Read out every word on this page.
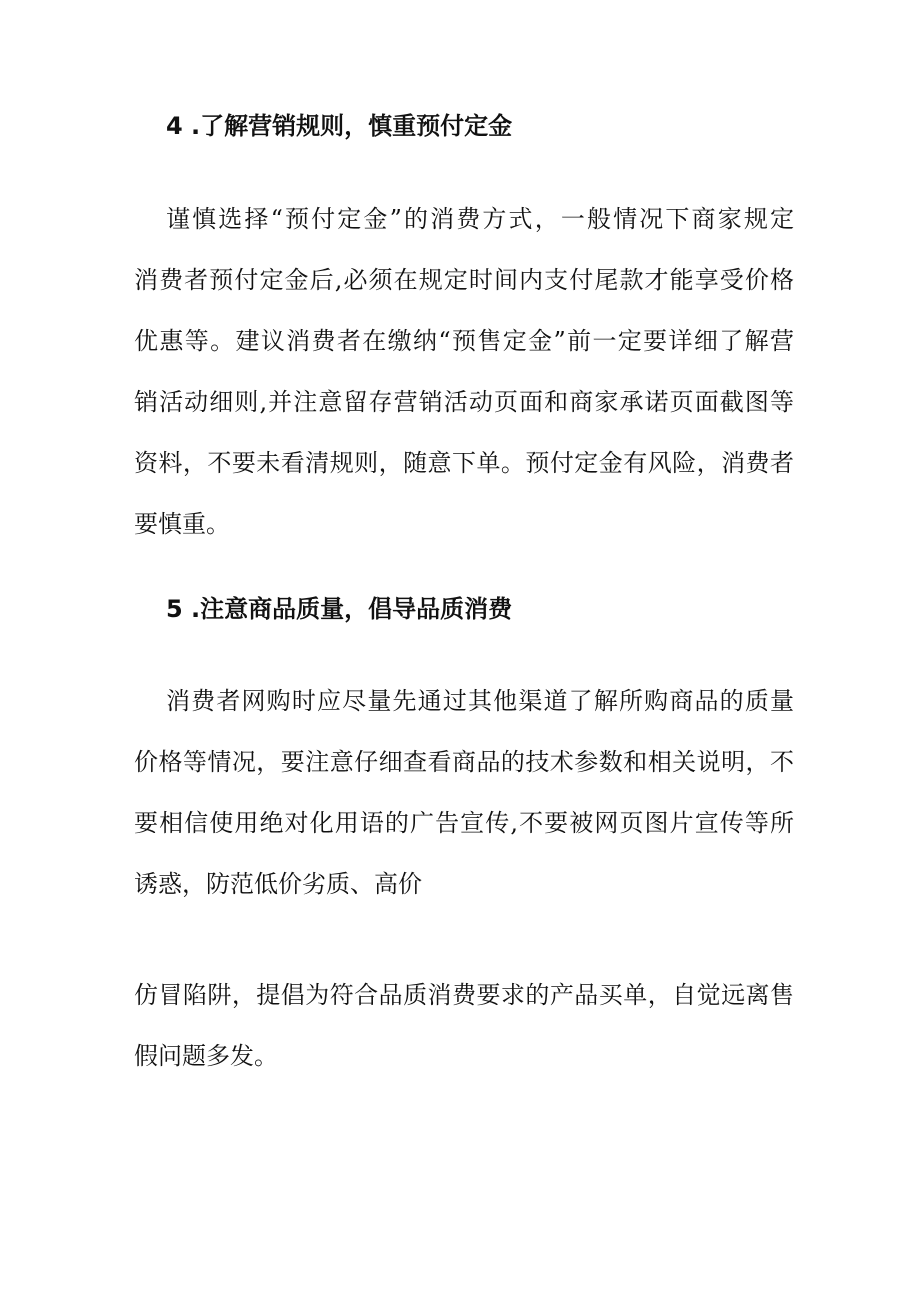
4 .了解营销规则，慎重预付定金
谨慎选择“预付定金”的消费方式，一般情况下商家规定
消费者预付定金后,必须在规定时间内支付尾款才能享受价格
优惠等。建议消费者在缴纳“预售定金”前一定要详细了解营
销活动细则,并注意留存营销活动页面和商家承诺页面截图等
资料，不要未看清规则，随意下单。预付定金有风险，消费者
要慎重。
5 .注意商品质量，倡导品质消费
消费者网购时应尽量先通过其他渠道了解所购商品的质量
价格等情况，要注意仔细查看商品的技术参数和相关说明，不
要相信使用绝对化用语的广告宣传,不要被网页图片宣传等所
诱惑，防范低价劣质、高价
仿冒陷阱，提倡为符合品质消费要求的产品买单，自觉远离售
假问题多发。
